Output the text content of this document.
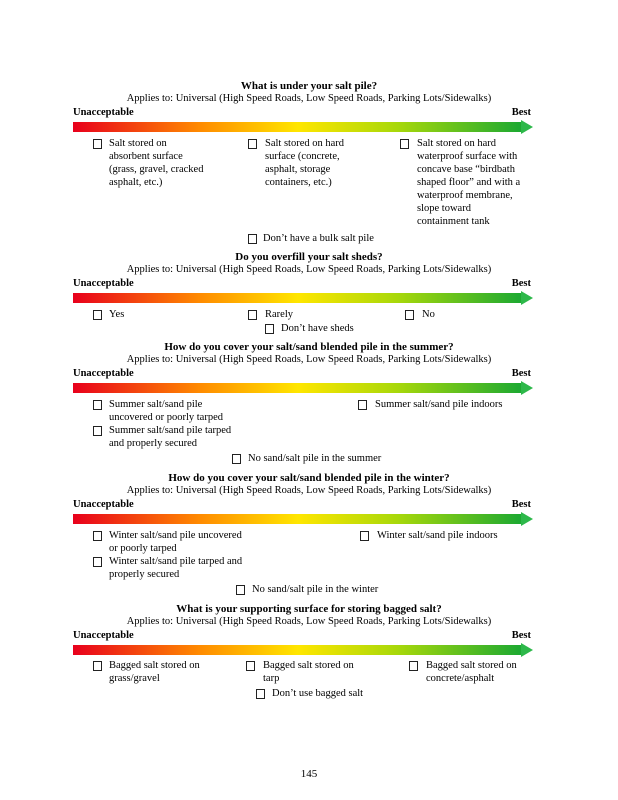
What is under your salt pile?
Applies to: Universal (High Speed Roads, Low Speed Roads, Parking Lots/Sidewalks)
Unacceptable	Best
Salt stored on
absorbent surface
(grass, gravel, cracked
asphalt, etc.)
Salt stored on hard
surface (concrete,
asphalt, storage
containers, etc.)
Salt stored on hard
waterproof surface with
concave base “birdbath
shaped floor” and with a
waterproof membrane,
slope toward
containment tank
Don’t have a bulk salt pile
Do you overfill your salt sheds?
Applies to: Universal (High Speed Roads, Low Speed Roads, Parking Lots/Sidewalks)
Unacceptable	Best
Yes	Rarely	No
Don’t have sheds
How do you cover your salt/sand blended pile in the summer?
Applies to: Universal (High Speed Roads, Low Speed Roads, Parking Lots/Sidewalks)
Unacceptable	Best
Summer salt/sand pile
uncovered or poorly tarped
Summer salt/sand pile indoors
Summer salt/sand pile tarped
and properly secured
No sand/salt pile in the summer
How do you cover your salt/sand blended pile in the winter?
Applies to: Universal (High Speed Roads, Low Speed Roads, Parking Lots/Sidewalks)
Unacceptable	Best
Winter salt/sand pile uncovered
or poorly tarped
Winter salt/sand pile indoors
Winter salt/sand pile tarped and
properly secured
No sand/salt pile in the winter
What is your supporting surface for storing bagged salt?
Applies to: Universal (High Speed Roads, Low Speed Roads, Parking Lots/Sidewalks)
Unacceptable	Best
Bagged salt stored on
grass/gravel
Bagged salt stored on
tarp
Bagged salt stored on
concrete/asphalt
Don’t use bagged salt
145
